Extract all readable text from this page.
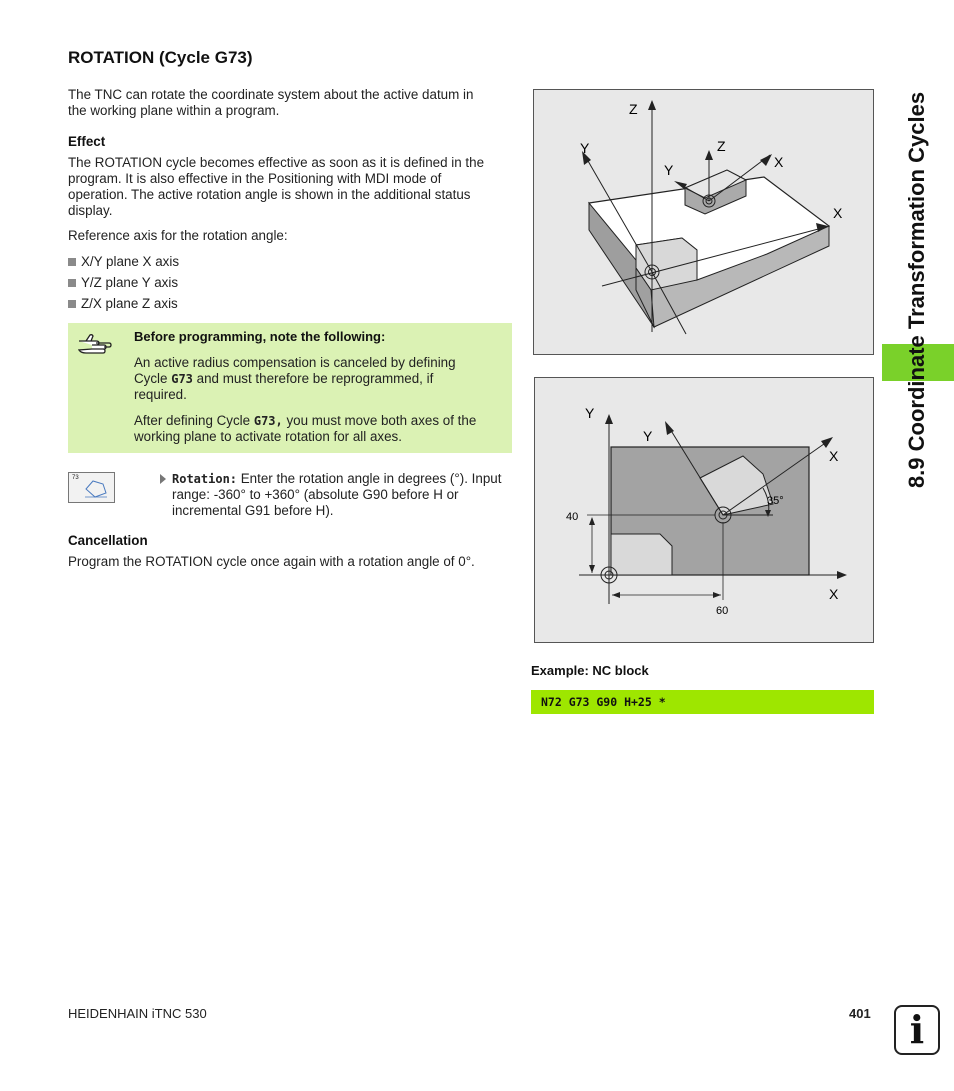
ROTATION (Cycle G73)

The TNC can rotate the coordinate system about the active datum in

the working plane within a program.

Effect

The ROTATION cycle becomes effective as soon as it is defined in the

program. It is also effective in the Positioning with MDI mode of

operation. The active rotation angle is shown in the additional status

display.

Reference axis for the rotation angle:

X/Y plane X axis
Y/Z plane Y axis
Z/X plane Z axis

Before programming, note the following:

An active radius compensation is canceled by defining

Cycle G73 and must therefore be reprogrammed, if

required.

After defining Cycle G73, you must move both axes of the

working plane to activate rotation for all axes.

73	Rotation: Enter the rotation angle in degrees (°). Input

range: -360° to +360° (absolute G90 before H or

incremental G91 before H).

Cancellation

Program the ROTATION cycle once again with a rotation angle of 0°.

Z
Y	Z
Y	X
X
Y
Y
X
X
35°
40
60

Example: NC block

N72 G73 G90 H+25 *
8.9 Coordinate Transformation Cycles

HEIDENHAIN iTNC 530	401	i
